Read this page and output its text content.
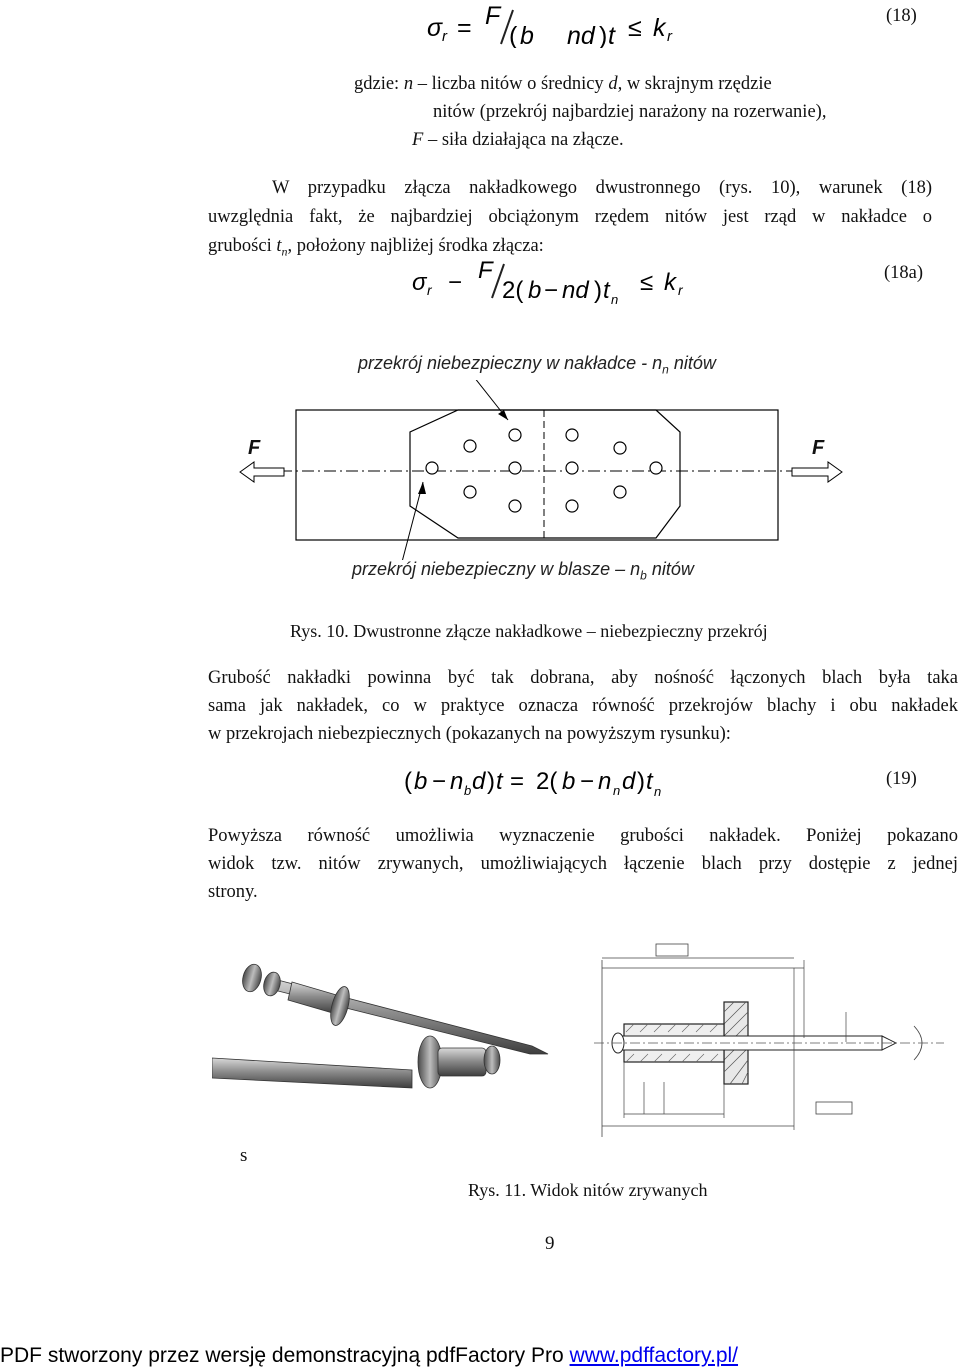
σ r = F
( b nd ) t ≤ k r
(18)
gdzie: n – liczba nitów o średnicy d, w skrajnym rzędzie
nitów (przekrój najbardziej narażony na rozerwanie),
F – siła działająca na złącze.
W przypadku złącza nakładkowego dwustronnego (rys. 10), warunek (18)
uwzględnia fakt, że najbardziej obciążonym rzędem nitów jest rząd w nakładce o
grubości $t_n$, położony najbliżej środka złącza:
σ r − F
2( b − nd ) t n
≤ k r
(18a)
przekrój niebezpieczny w nakładce - $n_n$ nitów
F	F
przekrój niebezpieczny w blasze – $n_b$ nitów
Rys. 10. Dwustronne złącze nakładkowe – niebezpieczny przekrój
Grubość nakładki powinna być tak dobrana, aby nośność łączonych blach była taka
sama jak nakładek, co w praktyce oznacza równość przekrojów blachy i obu nakładek
w przekrojach niebezpiecznych (pokazanych na powyższym rysunku):
( b − n b d ) t = 2( b − n n d ) t n
(19)
Powyższa równość umożliwia wyznaczenie grubości nakładek. Poniżej pokazano
widok tzw. nitów zrywanych, umożliwiających łączenie blach przy dostępie z jednej
strony.
s
Rys. 11. Widok nitów zrywanych
9
PDF stworzony przez wersję demonstracyjną pdfFactory Pro www.pdffactory.pl/
